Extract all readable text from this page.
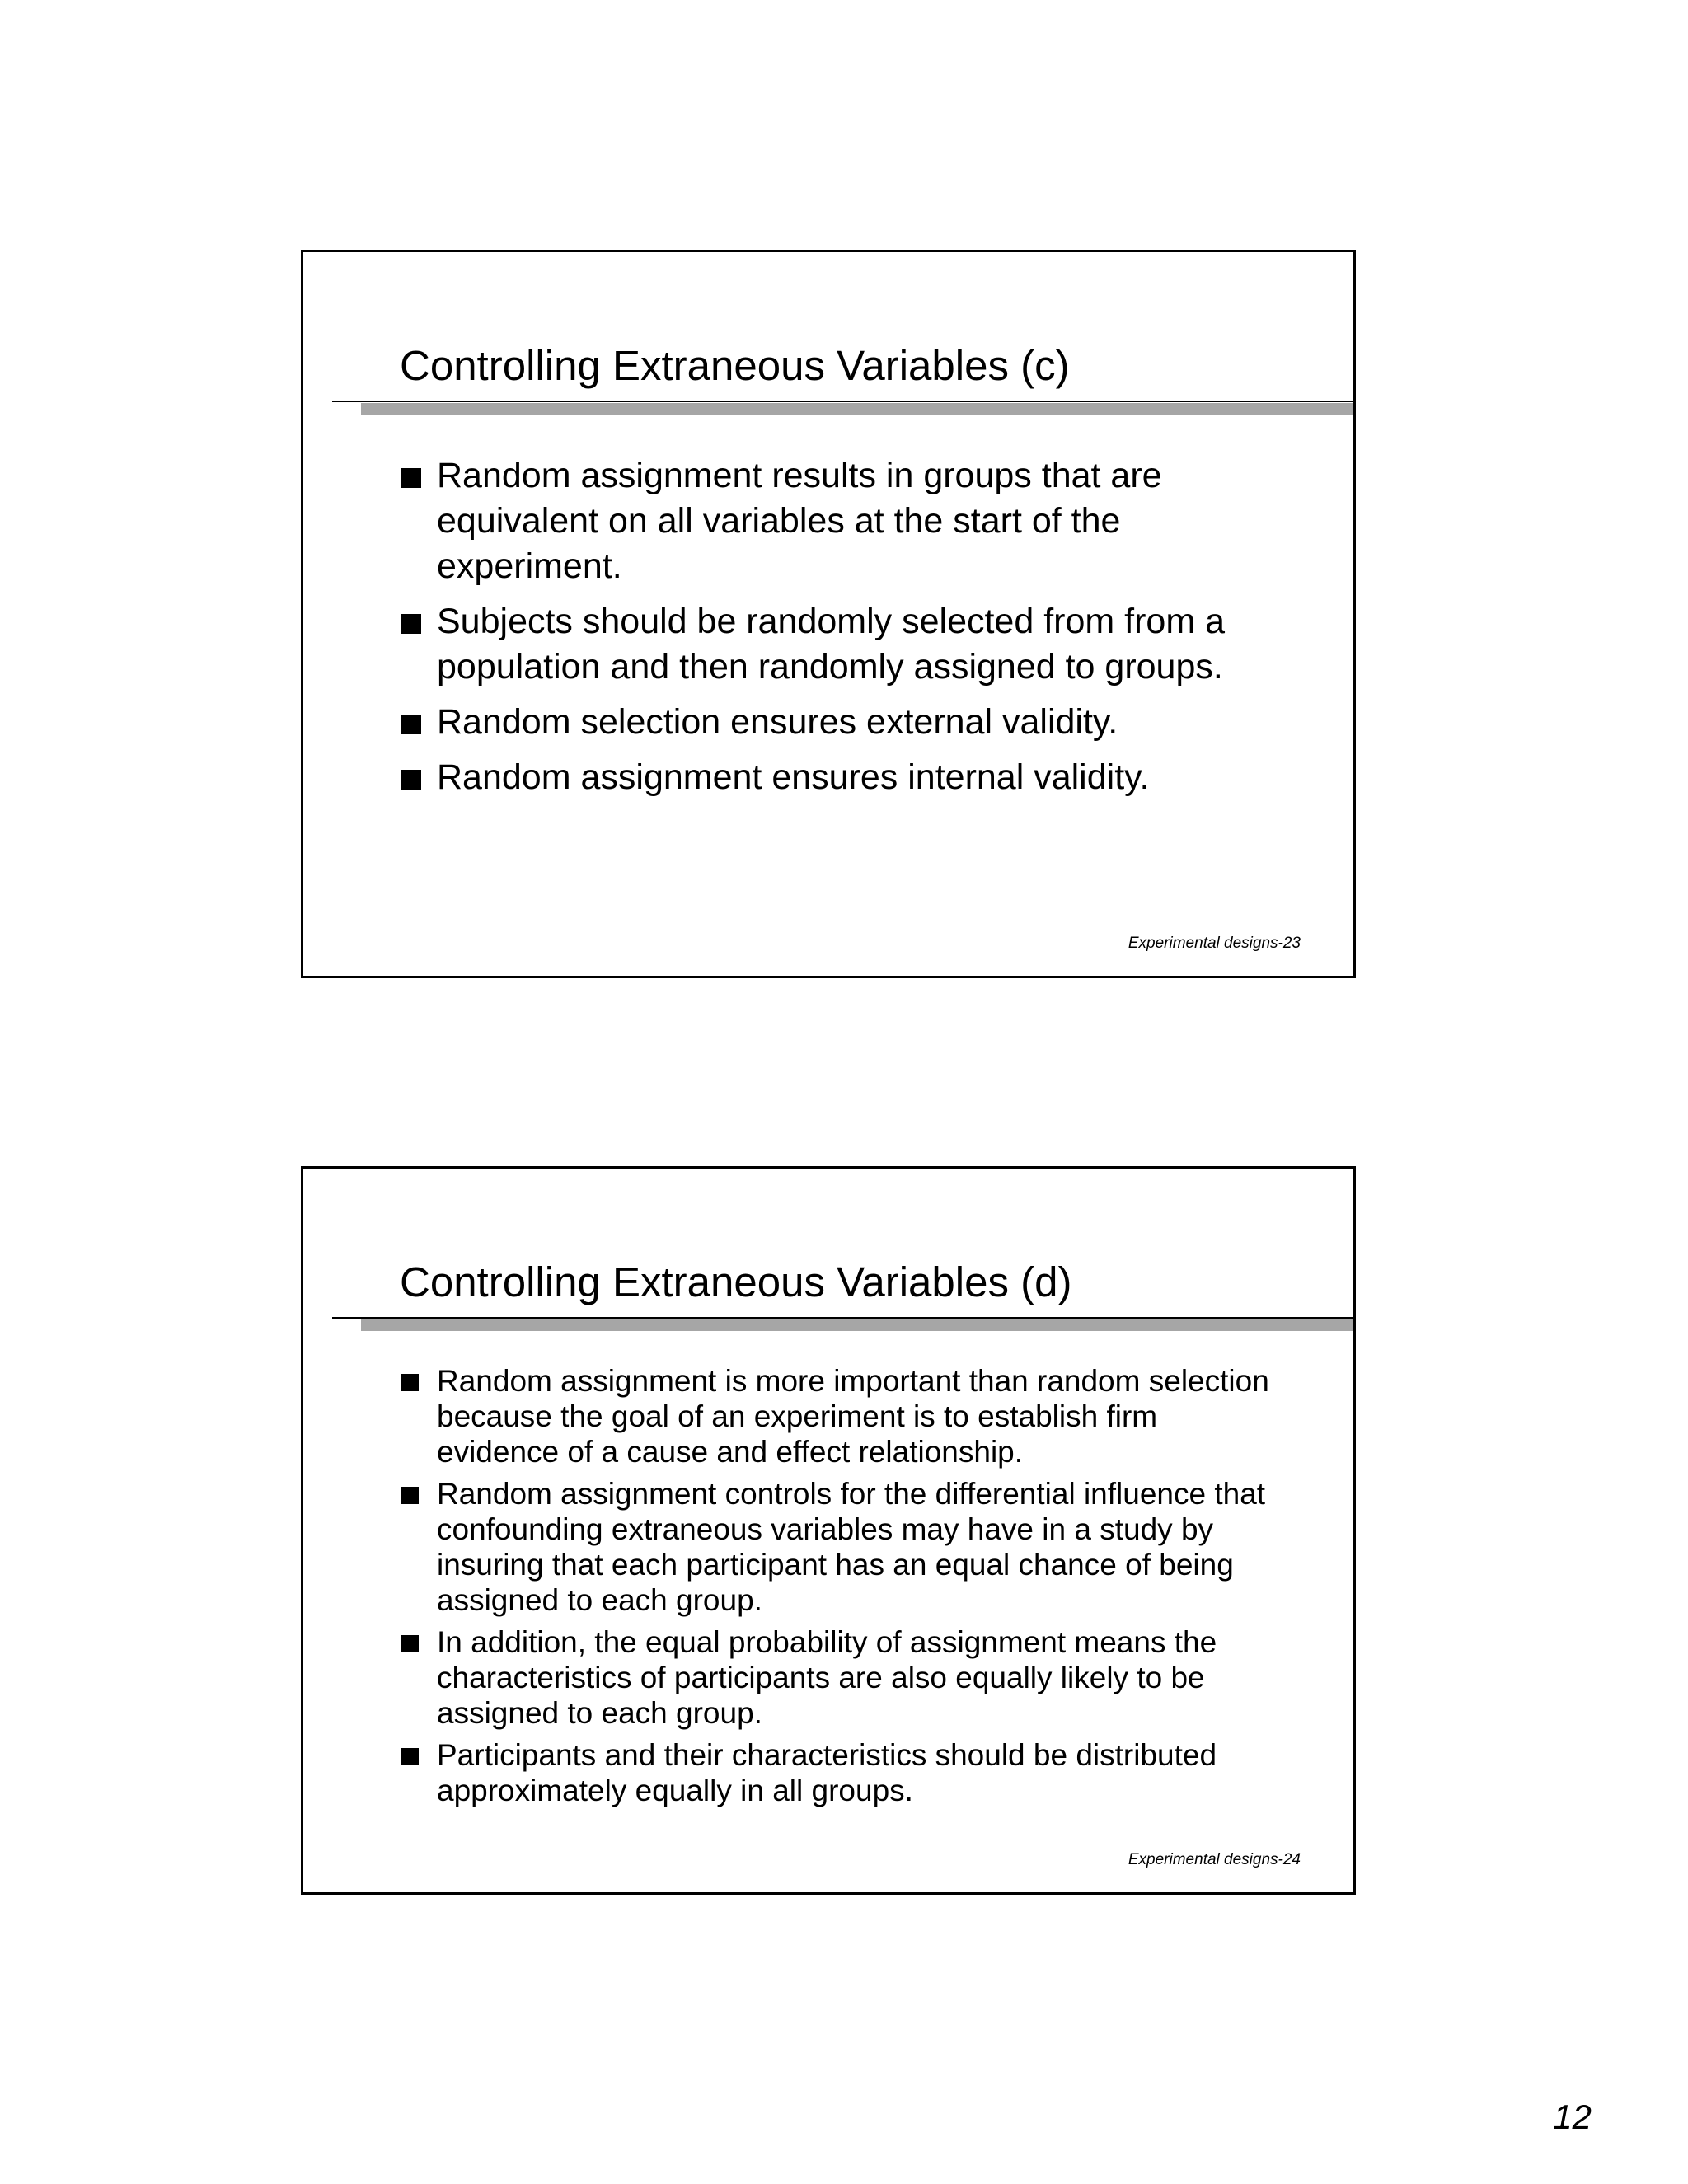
Controlling Extraneous Variables (c)
Random assignment results in groups that are equivalent on all variables at the start of the experiment.
Subjects should be randomly selected from from a population and then randomly assigned to groups.
Random selection ensures external validity.
Random assignment ensures internal validity.
Experimental designs-23
Controlling Extraneous Variables (d)
Random assignment is more important than random selection because the goal of an experiment is to establish firm evidence of a cause and effect relationship.
Random assignment controls for the differential influence that confounding extraneous variables may have in a study by insuring that each participant has an equal chance of being assigned to each group.
In addition, the equal probability of assignment means the characteristics of participants are also equally likely to be assigned to each group.
Participants and their characteristics should be distributed approximately equally in all groups.
Experimental designs-24
12
